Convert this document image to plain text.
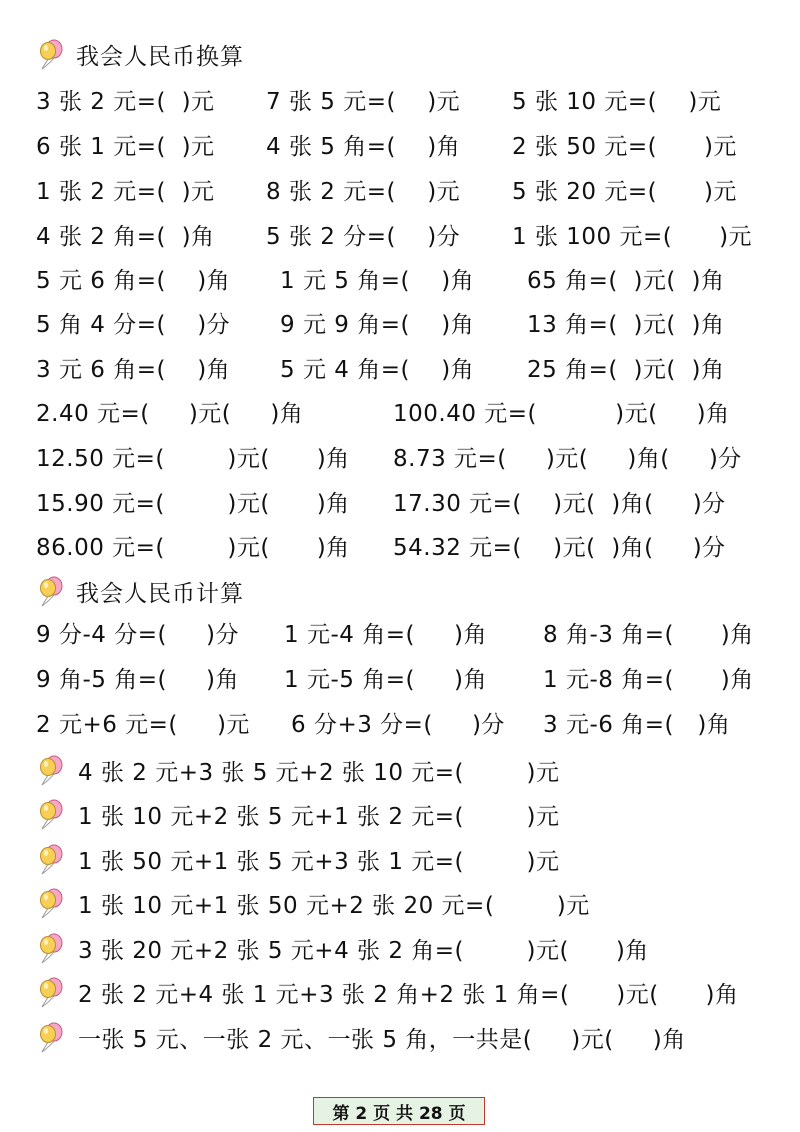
我会人民币换算
3 张 2 元=(  )元 7 张 5 元=(    )元 5 张 10 元=(    )元
6 张 1 元=(  )元 4 张 5 角=(    )角 2 张 50 元=(      )元
1 张 2 元=(  )元 8 张 2 元=(    )元 5 张 20 元=(      )元
4 张 2 角=(  )角 5 张 2 分=(    )分 1 张 100 元=(      )元
5 元 6 角=(    )角 1 元 5 角=(    )角 65 角=(  )元(  )角
5 角 4 分=(    )分 9 元 9 角=(    )角 13 角=(  )元(  )角
3 元 6 角=(    )角 5 元 4 角=(    )角 25 角=(  )元(  )角
2.40 元=(     )元(     )角	100.40 元=(          )元(     )角
12.50 元=(        )元(      )角 8.73 元=(     )元(     )角(     )分
15.90 元=(        )元(      )角 17.30 元=(    )元(  )角(     )分
86.00 元=(        )元(      )角 54.32 元=(    )元(  )角(     )分
我会人民币计算
9 分-4 分=(     )分 1 元-4 角=(     )角 8 角-3 角=(      )角
9 角-5 角=(     )角 1 元-5 角=(     )角 1 元-8 角=(      )角
2 元+6 元=(     )元 6 分+3 分=(     )分 3 元-6 角=(   )角
4 张 2 元+3 张 5 元+2 张 10 元=(        )元
1 张 10 元+2 张 5 元+1 张 2 元=(        )元
1 张 50 元+1 张 5 元+3 张 1 元=(        )元
1 张 10 元+1 张 50 元+2 张 20 元=(        )元
3 张 20 元+2 张 5 元+4 张 2 角=(        )元(      )角
2 张 2 元+4 张 1 元+3 张 2 角+2 张 1 角=(      )元(      )角
一张 5 元、一张 2 元、一张 5 角，一共是(     )元(     )角
第 2 页 共 28 页
